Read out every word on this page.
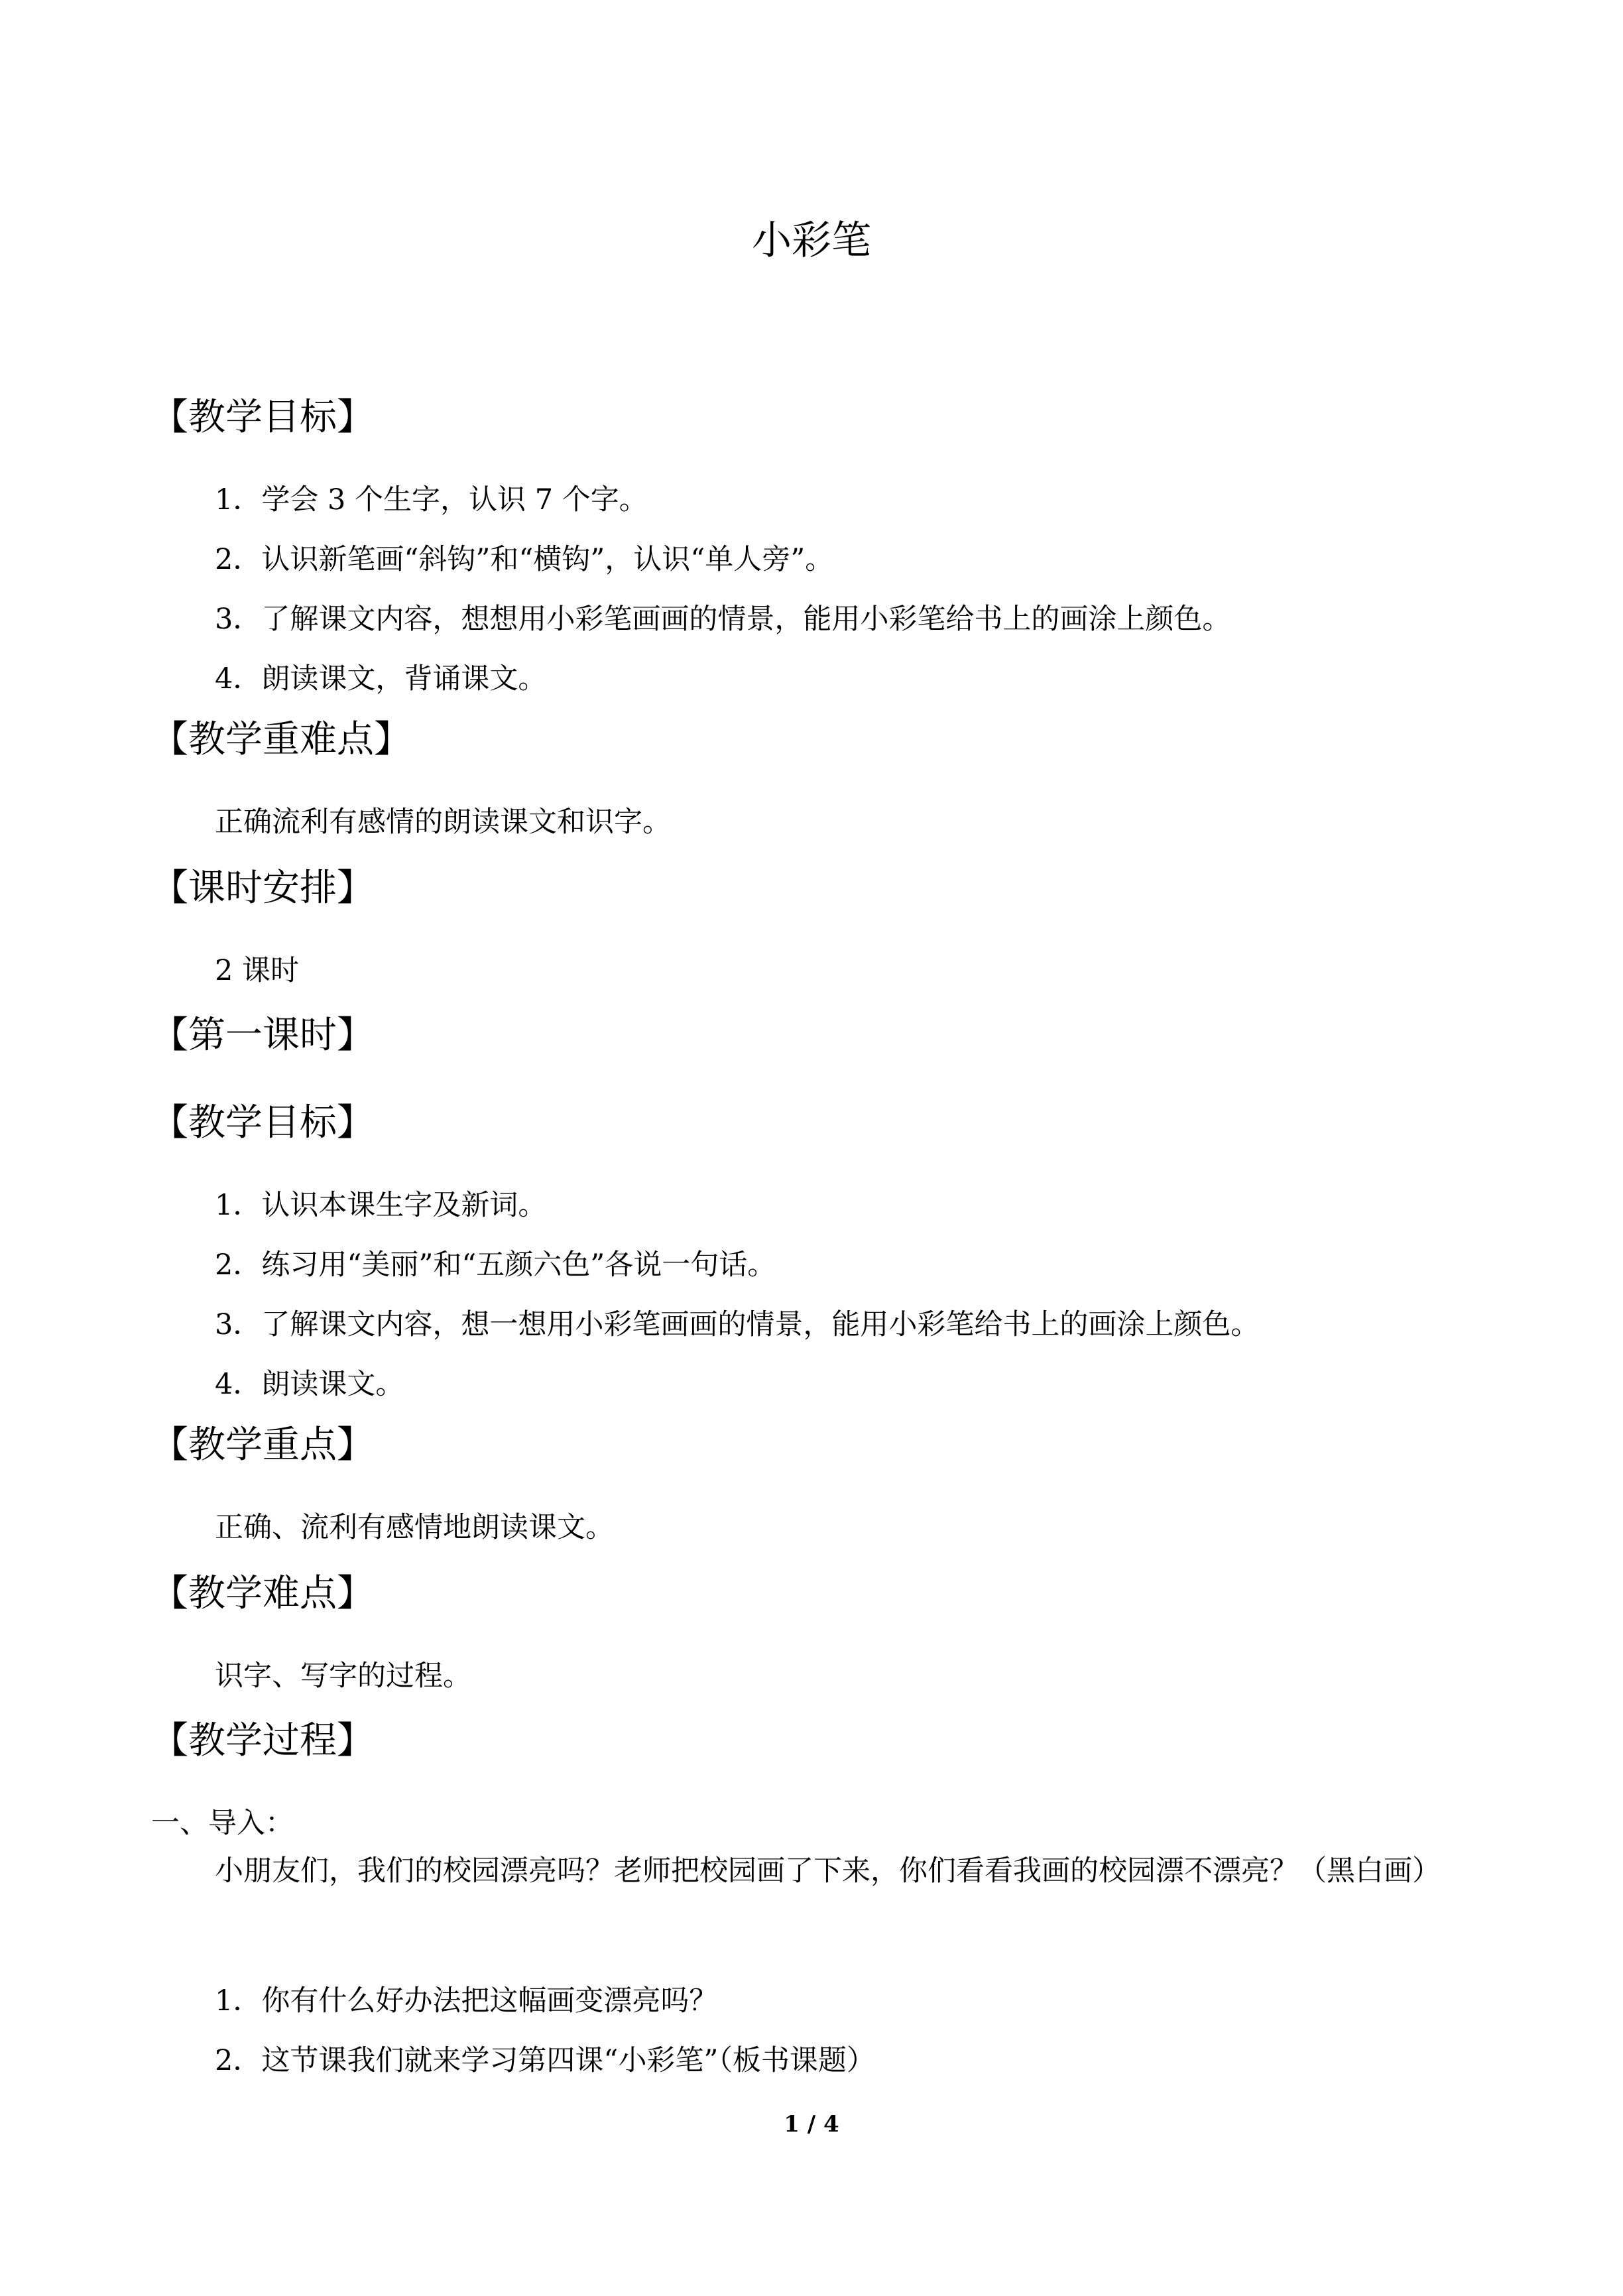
小彩笔
【教学目标】

1．学会 3 个生字，认识 7 个字。

2．认识新笔画“斜钩”和“横钩”，认识“单人旁”。

3．了解课文内容，想想用小彩笔画画的情景，能用小彩笔给书上的画涂上颜色。

4．朗读课文，背诵课文。

【教学重难点】

正确流利有感情的朗读课文和识字。

【课时安排】

2 课时

【第一课时】
【教学目标】

1．认识本课生字及新词。

2．练习用“美丽”和“五颜六色”各说一句话。

3．了解课文内容，想一想用小彩笔画画的情景，能用小彩笔给书上的画涂上颜色。

4．朗读课文。

【教学重点】

正确、流利有感情地朗读课文。

【教学难点】

识字、写字的过程。

【教学过程】

一、导入：

小朋友们，我们的校园漂亮吗？老师把校园画了下来，你们看看我画的校园漂不漂亮？（黑白画）

1．你有什么好办法把这幅画变漂亮吗？

2．这节课我们就来学习第四课“小彩笔”（板书课题）

1 / 4
